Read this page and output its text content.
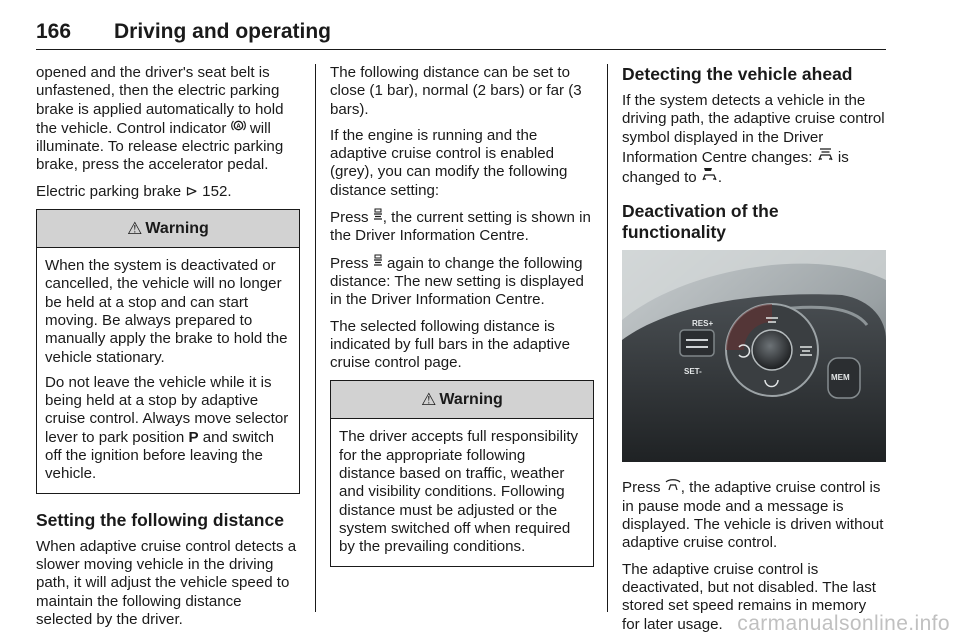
166 Driving and operating

opened and the driver's seat belt is unfastened, then the electric parking brake is applied automatically to hold the vehicle. Control indicator A will illuminate. To release electric parking brake, press the accelerator pedal.

Electric parking brake ⊳ 152.

⚠ Warning

When the system is deactivated or cancelled, the vehicle will no longer be held at a stop and can start moving. Be always prepared to manually apply the brake to hold the vehicle stationary.

Do not leave the vehicle while it is being held at a stop by adaptive cruise control. Always move selector lever to park position P and switch off the ignition before leaving the vehicle.

Setting the following distance

When adaptive cruise control detects a slower moving vehicle in the driving path, it will adjust the vehicle speed to maintain the following distance selected by the driver.

The following distance can be set to close (1 bar), normal (2 bars) or far (3 bars).

If the engine is running and the adaptive cruise control is enabled (grey), you can modify the following distance setting:

Press , the current setting is shown in the Driver Information Centre.

Press  again to change the following distance: The new setting is displayed in the Driver Information Centre.

The selected following distance is indicated by full bars in the adaptive cruise control page.

⚠ Warning

The driver accepts full responsibility for the appropriate following distance based on traffic, weather and visibility conditions. Following distance must be adjusted or the system switched off when required by the prevailing conditions.

Detecting the vehicle ahead

If the system detects a vehicle in the driving path, the adaptive cruise control symbol displayed in the Driver Information Centre changes:  is changed to .

Deactivation of the functionality
RES+
SET-
MEM

Press , the adaptive cruise control is in pause mode and a message is displayed. The vehicle is driven without adaptive cruise control.

The adaptive cruise control is deactivated, but not disabled. The last stored set speed remains in memory for later usage. carmanualsonline.info
